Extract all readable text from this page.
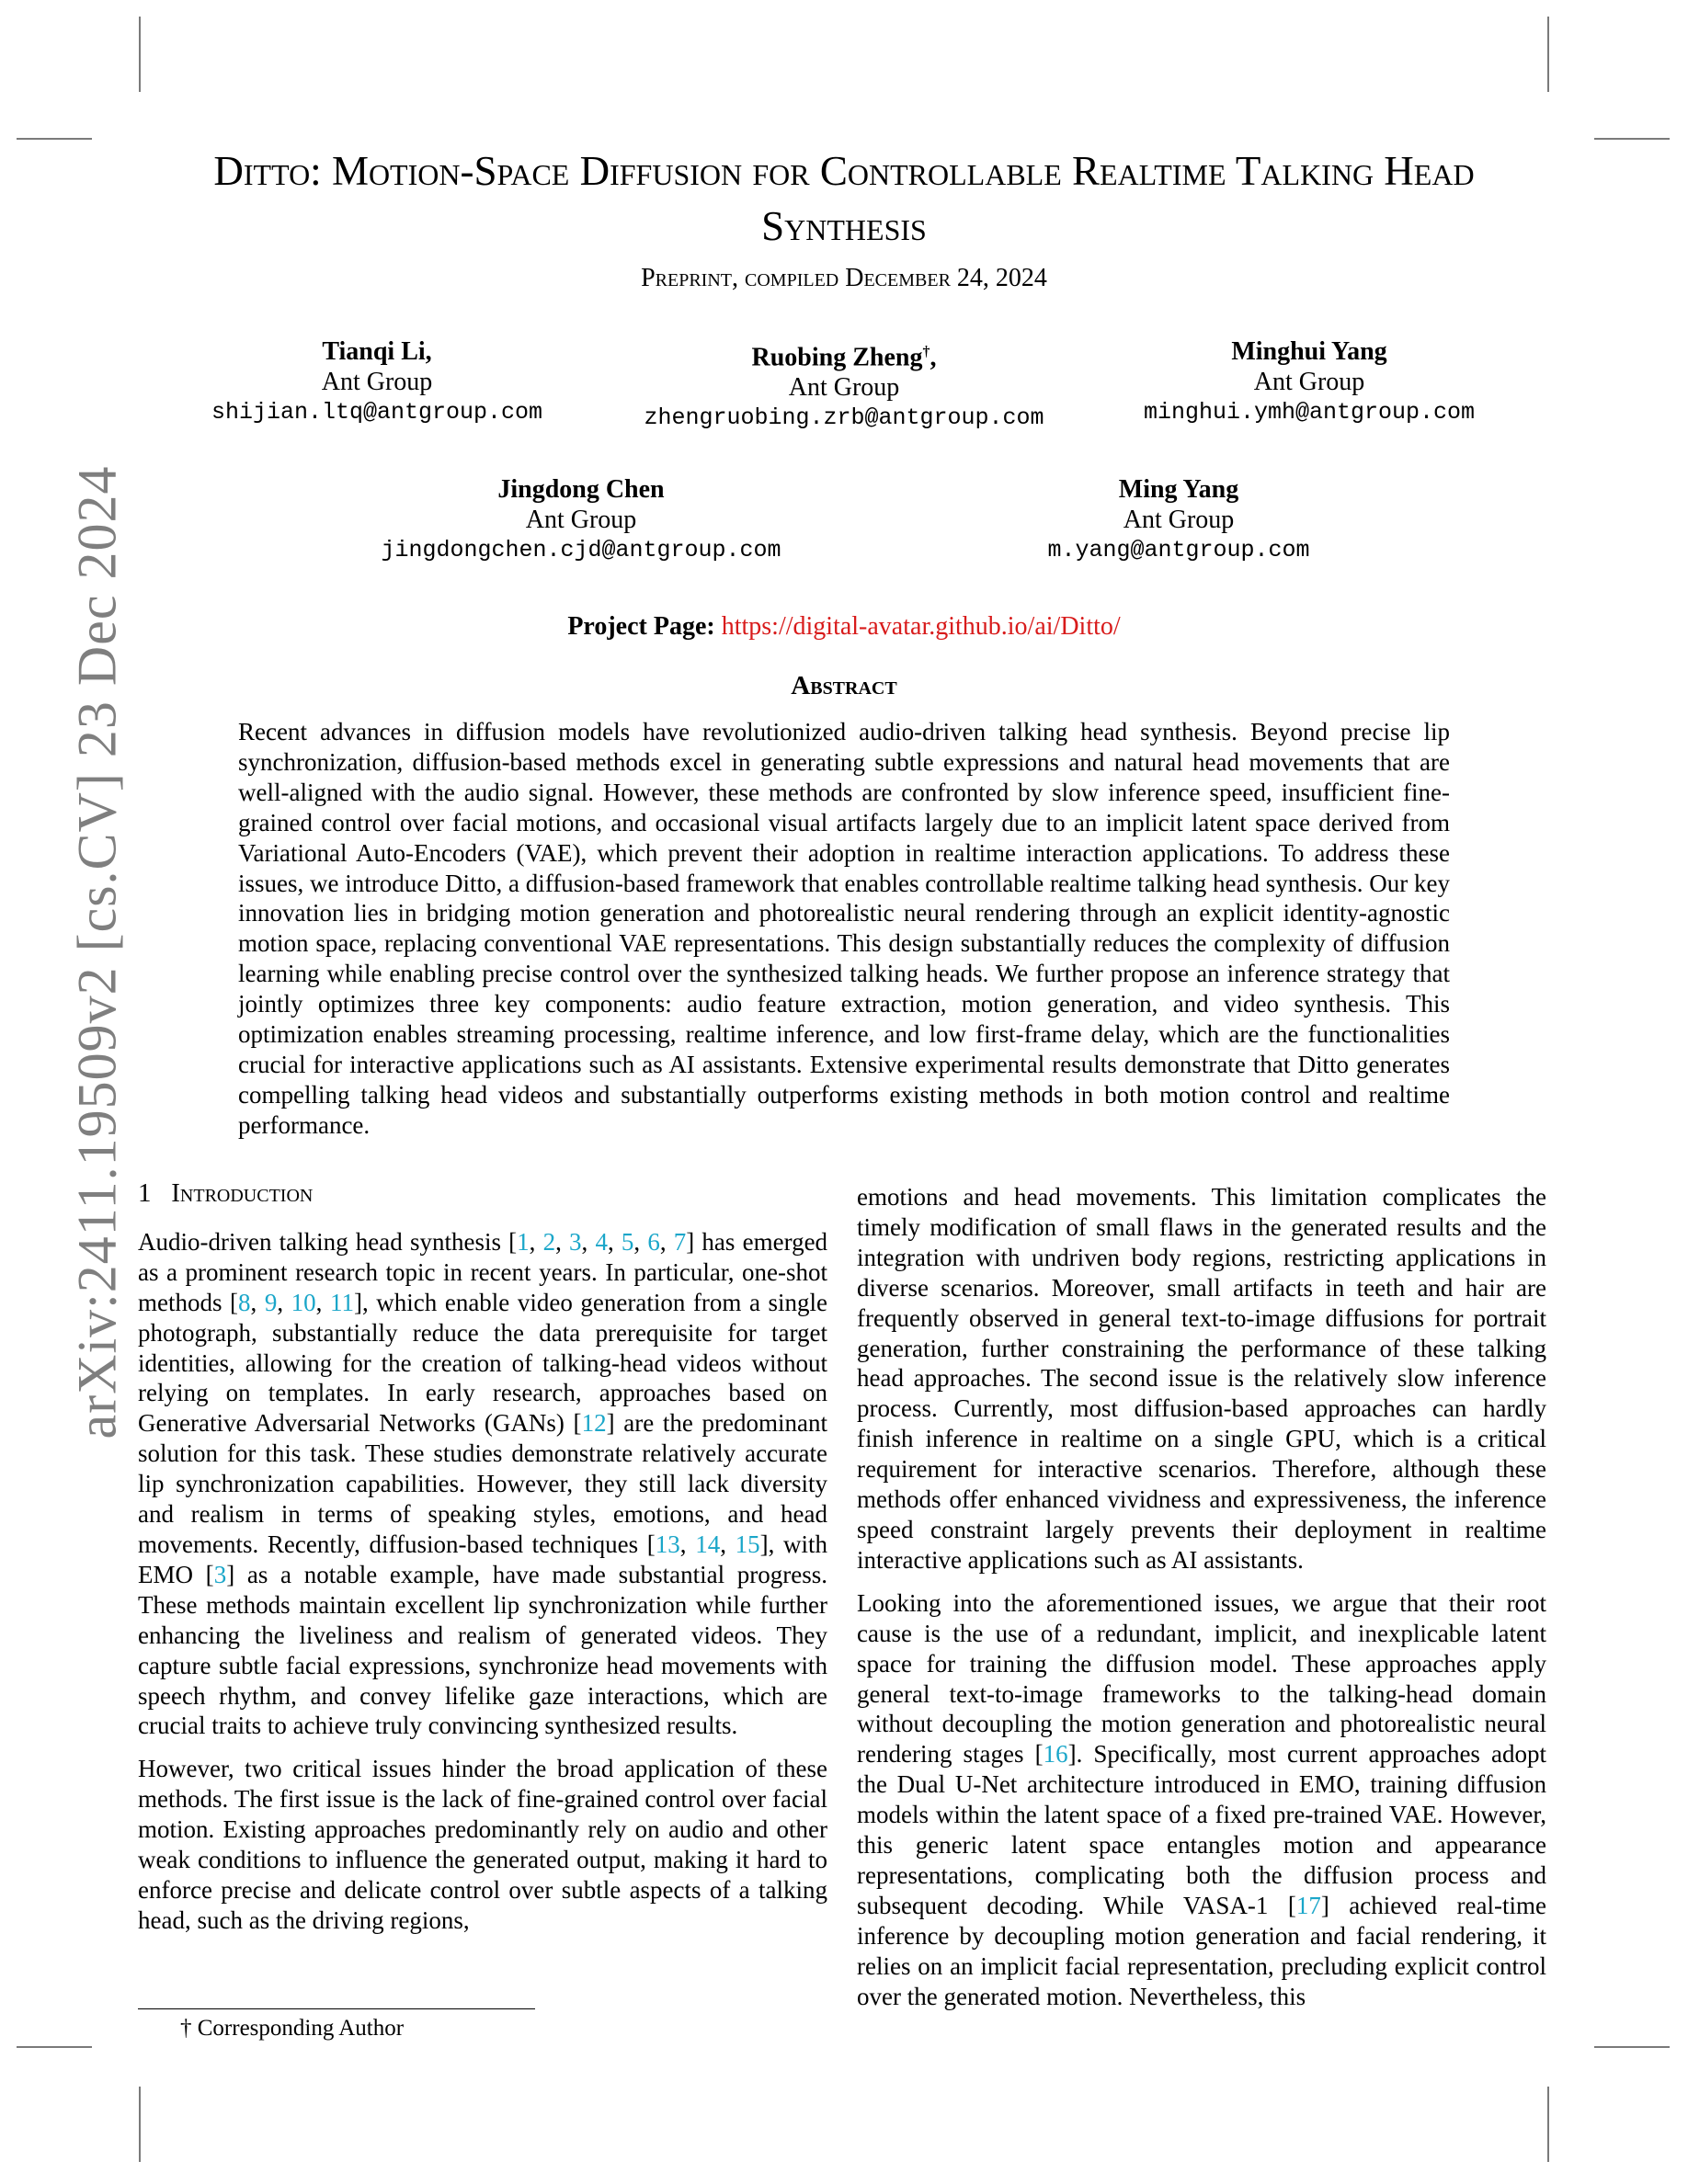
arXiv:2411.19509v2 [cs.CV] 23 Dec 2024
Ditto: Motion-Space Diffusion for Controllable Realtime Talking Head
Synthesis
Preprint, compiled December 24, 2024
Tianqi Li,
Ant Group
shijian.ltq@antgroup.com
Ruobing Zheng†,
Ant Group
zhengruobing.zrb@antgroup.com
Minghui Yang
Ant Group
minghui.ymh@antgroup.com
Jingdong Chen
Ant Group
jingdongchen.cjd@antgroup.com
Ming Yang
Ant Group
m.yang@antgroup.com
Project Page: https://digital-avatar.github.io/ai/Ditto/
Abstract
Recent advances in diffusion models have revolutionized audio-driven talking head synthesis. Beyond precise lip synchronization, diffusion-based methods excel in generating subtle expressions and natural head movements that are well-aligned with the audio signal. However, these methods are confronted by slow inference speed, insufficient fine-grained control over facial motions, and occasional visual artifacts largely due to an implicit latent space derived from Variational Auto-Encoders (VAE), which prevent their adoption in realtime interaction applications. To address these issues, we introduce Ditto, a diffusion-based framework that enables controllable realtime talking head synthesis. Our key innovation lies in bridging motion generation and photorealistic neural rendering through an explicit identity-agnostic motion space, replacing conventional VAE representations. This design substantially reduces the complexity of diffusion learning while enabling precise control over the synthesized talking heads. We further propose an inference strategy that jointly optimizes three key components: audio feature extraction, motion generation, and video synthesis. This optimization enables streaming processing, realtime inference, and low first-frame delay, which are the functionalities crucial for interactive applications such as AI assistants. Extensive experimental results demonstrate that Ditto generates compelling talking head videos and substantially outperforms existing methods in both motion control and realtime performance.
1 Introduction

Audio-driven talking head synthesis [1, 2, 3, 4, 5, 6, 7] has emerged as a prominent research topic in recent years. In particular, one-shot methods [8, 9, 10, 11], which enable video generation from a single photograph, substantially reduce the data prerequisite for target identities, allowing for the creation of talking-head videos without relying on templates. In early research, approaches based on Generative Adversarial Networks (GANs) [12] are the predominant solution for this task. These studies demonstrate relatively accurate lip synchronization capabilities. However, they still lack diversity and realism in terms of speaking styles, emotions, and head movements. Recently, diffusion-based techniques [13, 14, 15], with EMO [3] as a notable example, have made substantial progress. These methods maintain excellent lip synchronization while further enhancing the liveliness and realism of generated videos. They capture subtle facial expressions, synchronize head movements with speech rhythm, and convey lifelike gaze interactions, which are crucial traits to achieve truly convincing synthesized results.

However, two critical issues hinder the broad application of these methods. The first issue is the lack of fine-grained control over facial motion. Existing approaches predominantly rely on audio and other weak conditions to influence the generated output, making it hard to enforce precise and delicate control over subtle aspects of a talking head, such as the driving regions,

emotions and head movements. This limitation complicates the timely modification of small flaws in the generated results and the integration with undriven body regions, restricting applications in diverse scenarios. Moreover, small artifacts in teeth and hair are frequently observed in general text-to-image diffusions for portrait generation, further constraining the performance of these talking head approaches. The second issue is the relatively slow inference process. Currently, most diffusion-based approaches can hardly finish inference in realtime on a single GPU, which is a critical requirement for interactive scenarios. Therefore, although these methods offer enhanced vividness and expressiveness, the inference speed constraint largely prevents their deployment in realtime interactive applications such as AI assistants.

Looking into the aforementioned issues, we argue that their root cause is the use of a redundant, implicit, and inexplicable latent space for training the diffusion model. These approaches apply general text-to-image frameworks to the talking-head domain without decoupling the motion generation and photorealistic neural rendering stages [16]. Specifically, most current approaches adopt the Dual U-Net architecture introduced in EMO, training diffusion models within the latent space of a fixed pre-trained VAE. However, this generic latent space entangles motion and appearance representations, complicating both the diffusion process and subsequent decoding. While VASA-1 [17] achieved real-time inference by decoupling motion generation and facial rendering, it relies on an implicit facial representation, precluding explicit control over the generated motion. Nevertheless, this

† Corresponding Author
